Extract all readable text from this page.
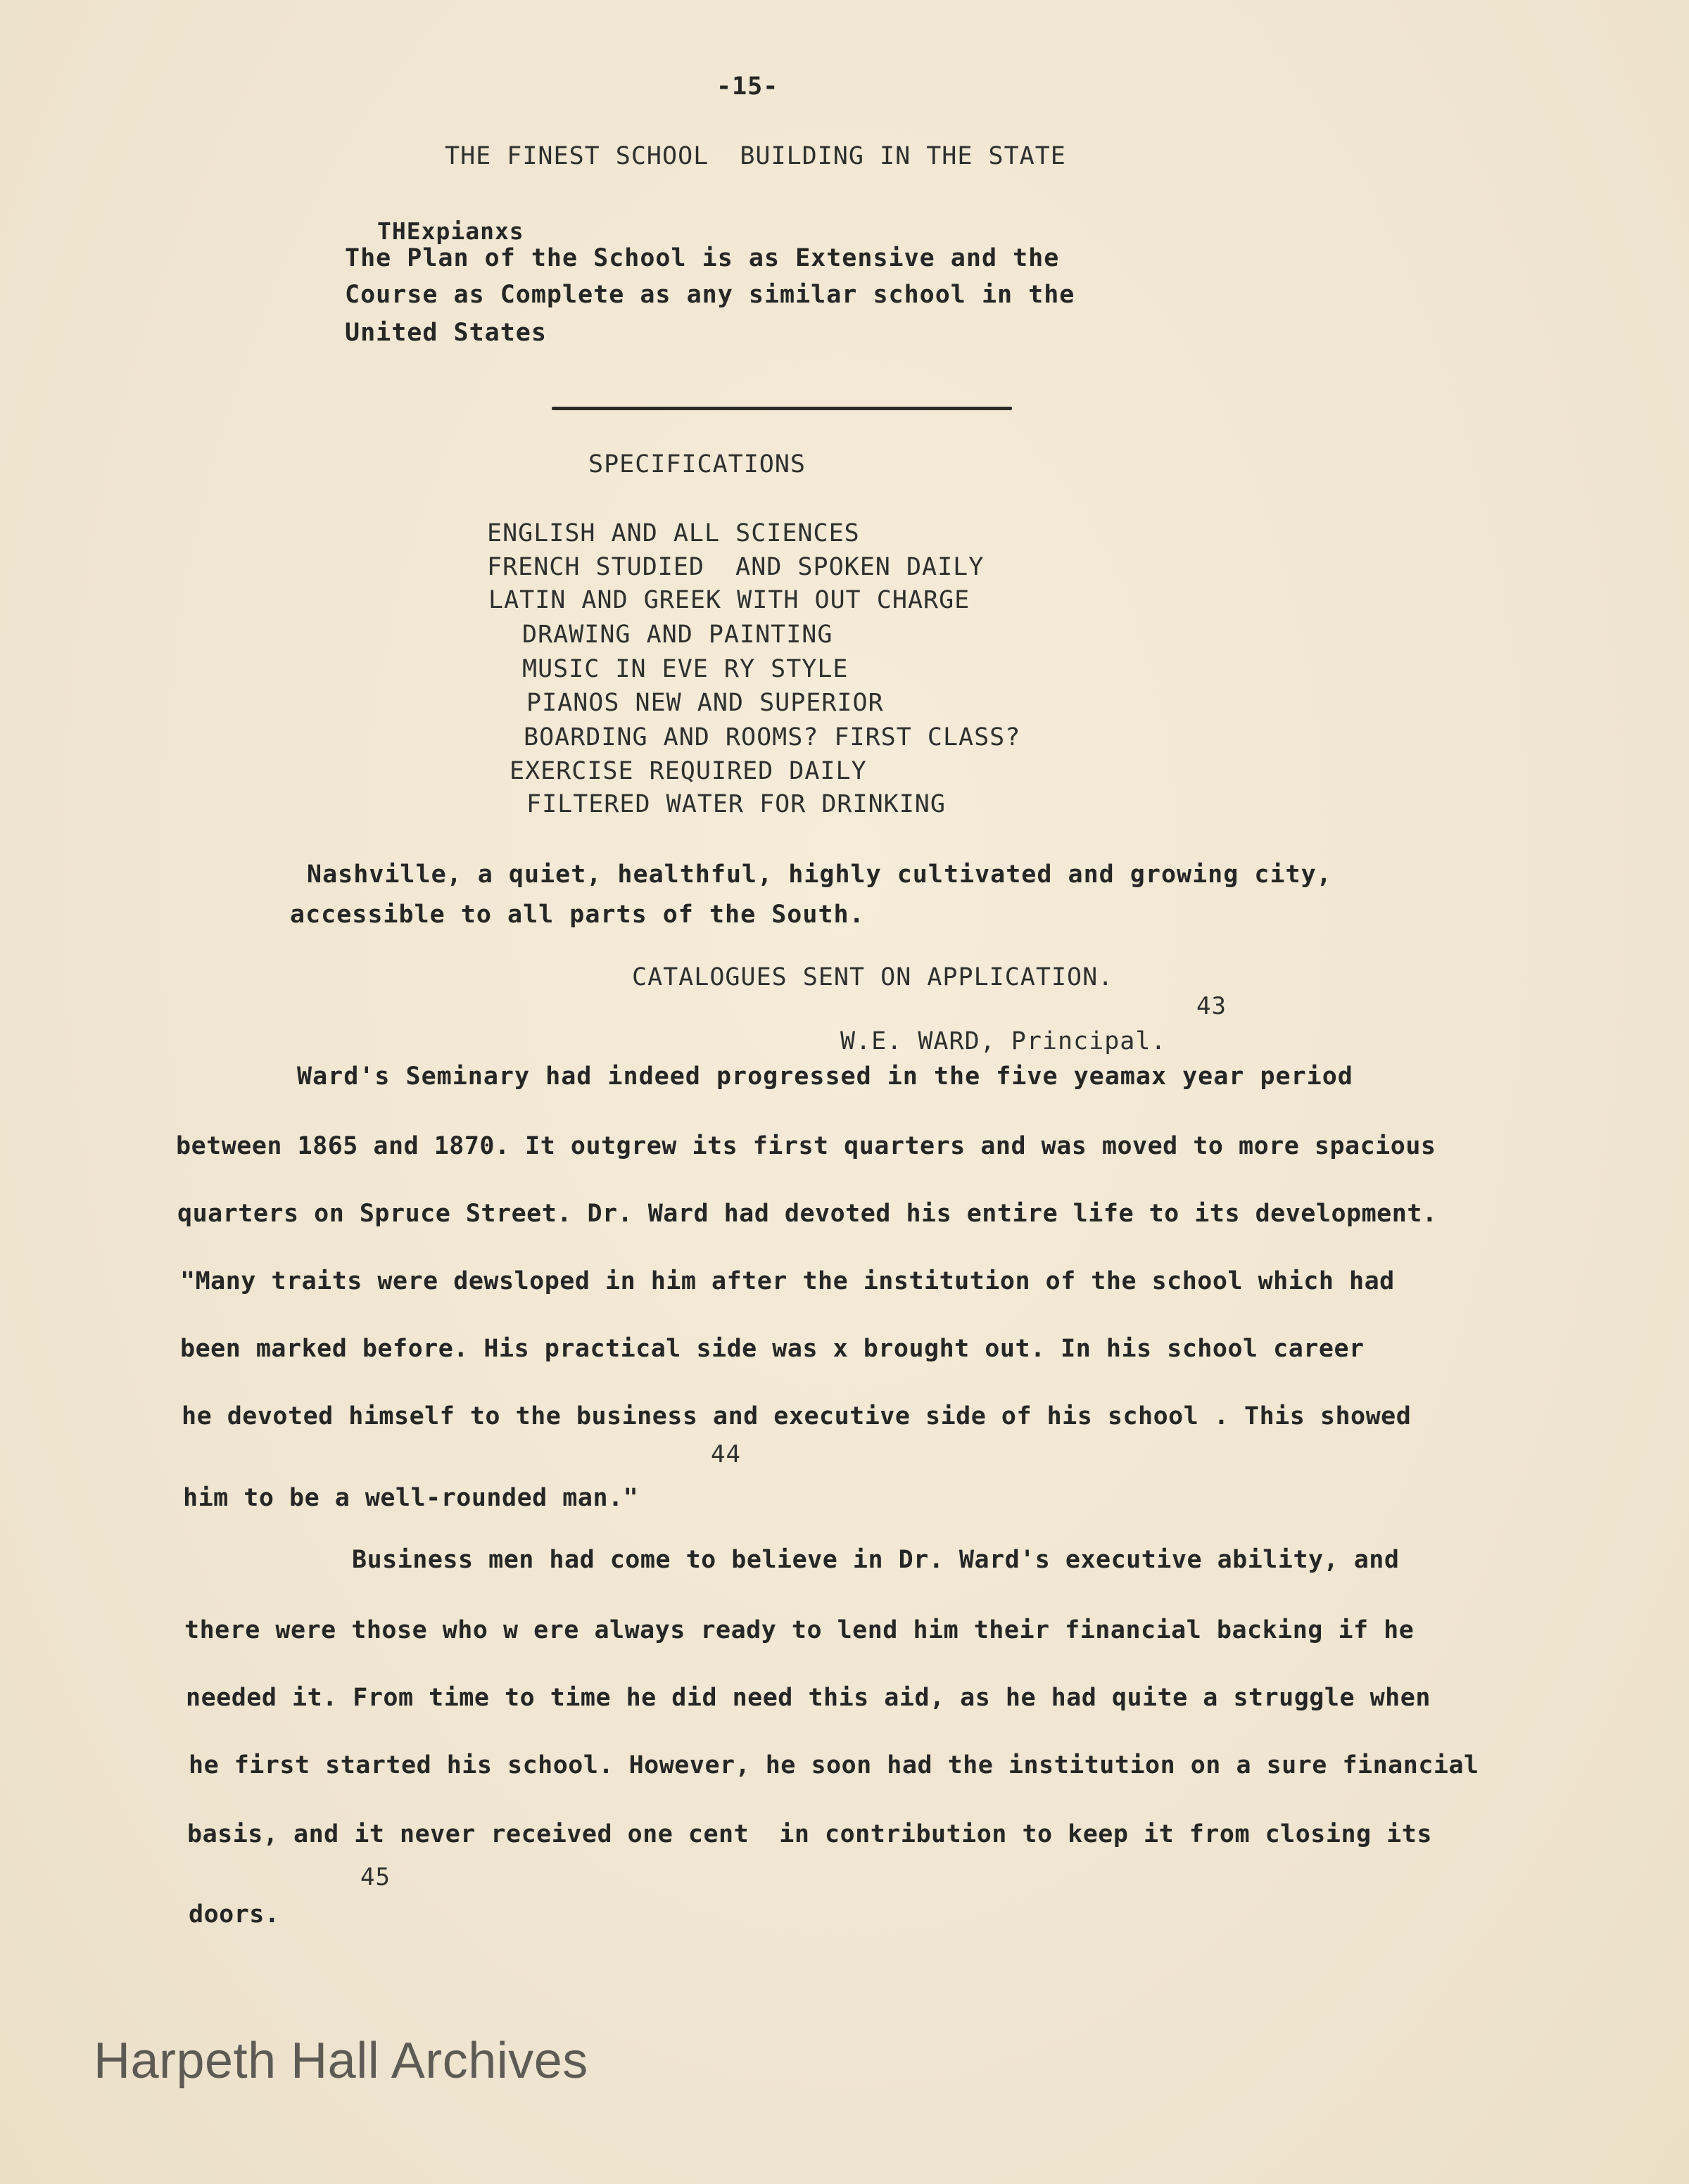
-15-
THE FINEST SCHOOL  BUILDING IN THE STATE
THExpianxs
The Plan of the School is as Extensive and the
Course as Complete as any similar school in the
United States
SPECIFICATIONS
ENGLISH AND ALL SCIENCES
FRENCH STUDIED  AND SPOKEN DAILY
LATIN AND GREEK WITH OUT CHARGE
DRAWING AND PAINTING
MUSIC IN EVE RY STYLE
PIANOS NEW AND SUPERIOR
BOARDING AND ROOMS? FIRST CLASS?
EXERCISE REQUIRED DAILY
FILTERED WATER FOR DRINKING
Nashville, a quiet, healthful, highly cultivated and growing city,
accessible to all parts of the South.
CATALOGUES SENT ON APPLICATION.
43
W.E. WARD, Principal.
Ward's Seminary had indeed progressed in the five yeamax year period
between 1865 and 1870. It outgrew its first quarters and was moved to more spacious
quarters on Spruce Street. Dr. Ward had devoted his entire life to its development.
"Many traits were dewsloped in him after the institution of the school which had
been marked before. His practical side was x brought out. In his school career
he devoted himself to the business and executive side of his school . This showed
44
him to be a well-rounded man."
Business men had come to believe in Dr. Ward's executive ability, and
there were those who w ere always ready to lend him their financial backing if he
needed it. From time to time he did need this aid, as he had quite a struggle when
he first started his school. However, he soon had the institution on a sure financial
basis, and it never received one cent  in contribution to keep it from closing its
45
doors.
Harpeth Hall Archives
